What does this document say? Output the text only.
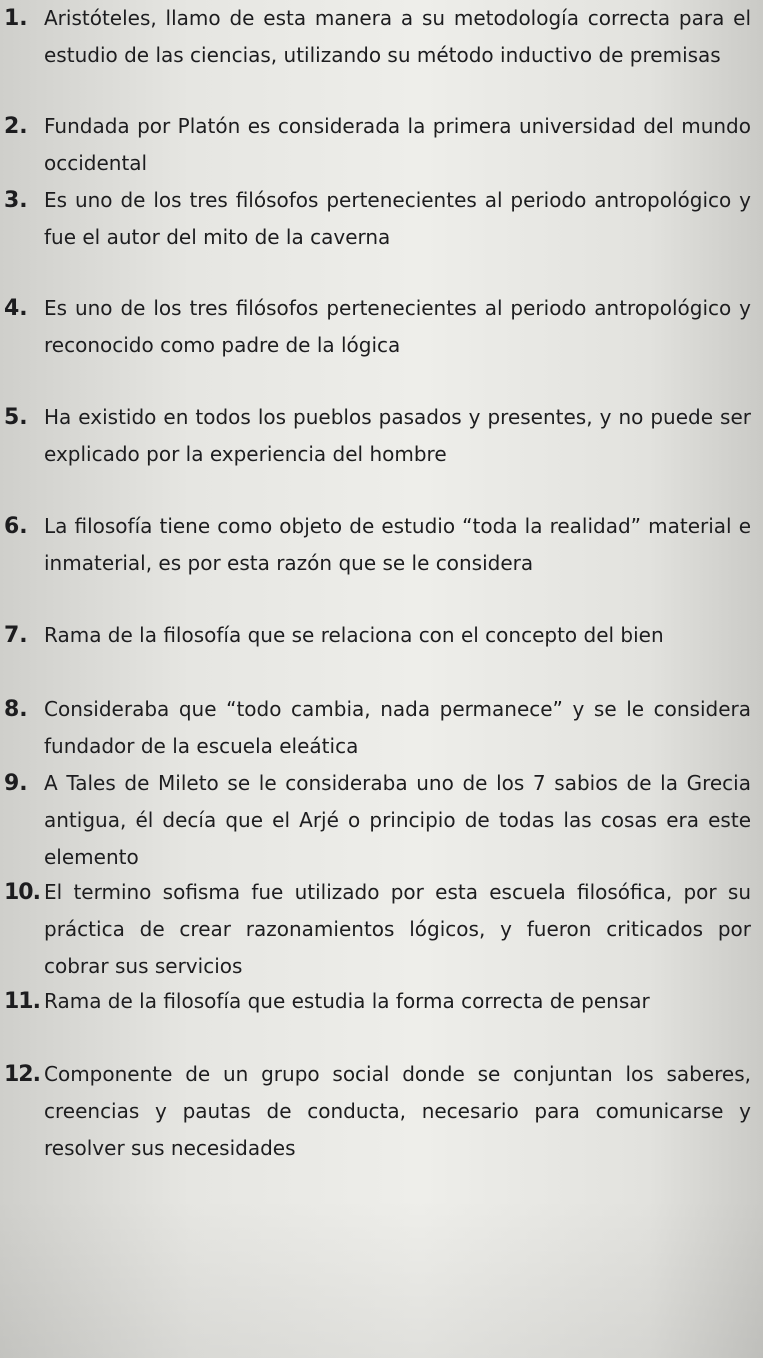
1. Aristóteles, llamo de esta manera a su metodología correcta para el estudio de las ciencias, utilizando su método inductivo de premisas
2. Fundada por Platón es considerada la primera universidad del mundo occidental
3. Es uno de los tres filósofos pertenecientes al periodo antropológico y fue el autor del mito de la caverna
4. Es uno de los tres filósofos pertenecientes al periodo antropológico y reconocido como padre de la lógica
5. Ha existido en todos los pueblos pasados y presentes, y no puede ser explicado por la experiencia del hombre
6. La filosofía tiene como objeto de estudio “toda la realidad” material e inmaterial, es por esta razón que se le considera
7. Rama de la filosofía que se relaciona con el concepto del bien
8. Consideraba que “todo cambia, nada permanece” y se le considera fundador de la escuela eleática
9. A Tales de Mileto se le consideraba uno de los 7 sabios de la Grecia antigua, él decía que el Arjé o principio de todas las cosas era este elemento
10. El termino sofisma fue utilizado por esta escuela filosófica, por su práctica de crear razonamientos lógicos, y fueron criticados por cobrar sus servicios
11. Rama de la filosofía que estudia la forma correcta de pensar
12. Componente de un grupo social donde se conjuntan los saberes, creencias y pautas de conducta, necesario para comunicarse y resolver sus necesidades
